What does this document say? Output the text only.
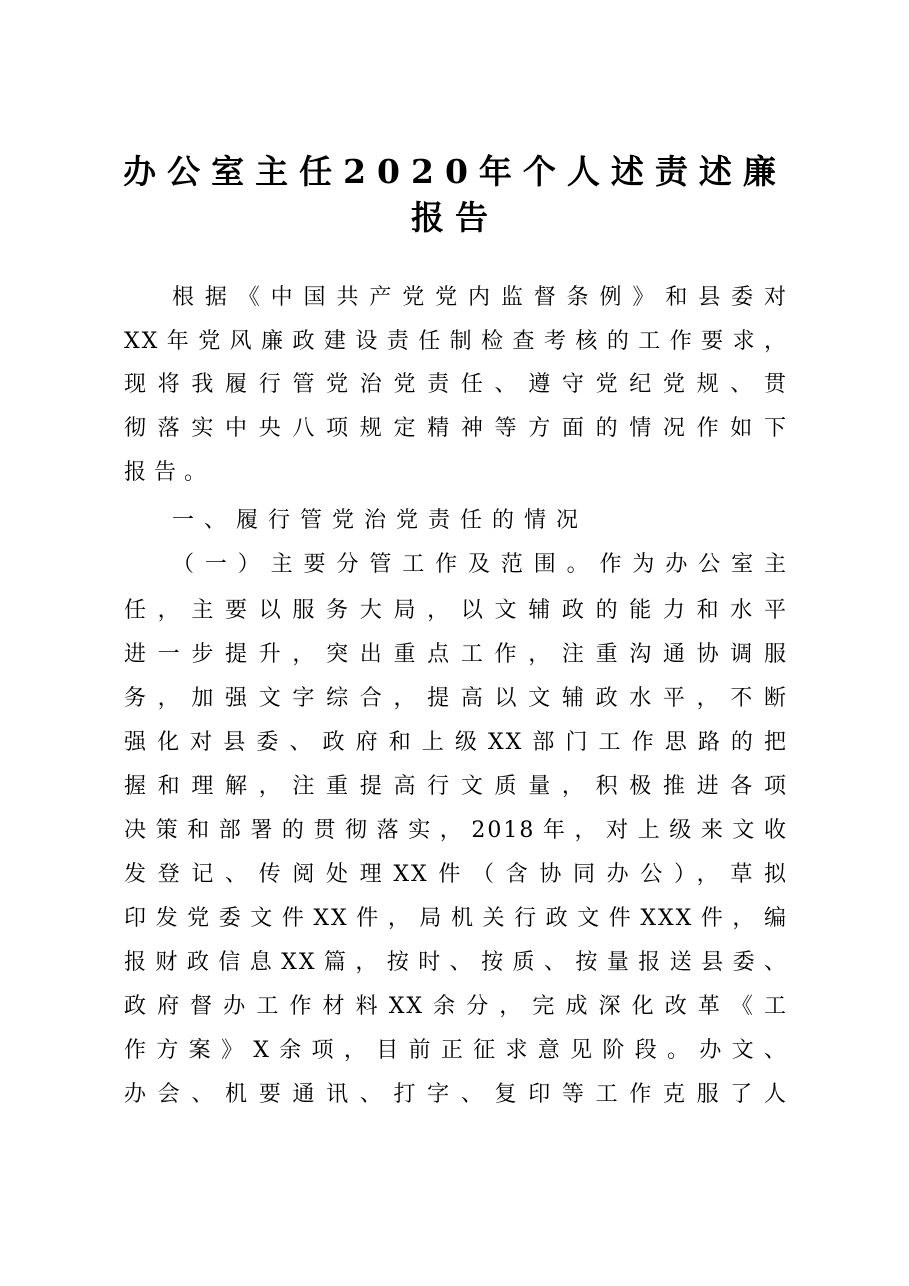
办公室主任2020年个人述责述廉
报告
根据《中国共产党党内监督条例》和县委对
XX年党风廉政建设责任制检查考核的工作要求，
现将我履行管党治党责任、遵守党纪党规、贯
彻落实中央八项规定精神等方面的情况作如下
报告。
一、履行管党治党责任的情况
（一）主要分管工作及范围。作为办公室主
任，主要以服务大局，以文辅政的能力和水平
进一步提升，突出重点工作，注重沟通协调服
务，加强文字综合，提高以文辅政水平，不断
强化对县委、政府和上级XX部门工作思路的把
握和理解，注重提高行文质量，积极推进各项
决策和部署的贯彻落实，2018年，对上级来文收
发登记、传阅处理XX件（含协同办公），草拟
印发党委文件XX件，局机关行政文件XXX件，编
报财政信息XX篇，按时、按质、按量报送县委、
政府督办工作材料XX余分，完成深化改革《工
作方案》X余项，目前正征求意见阶段。办文、
办会、机要通讯、打字、复印等工作克服了人
